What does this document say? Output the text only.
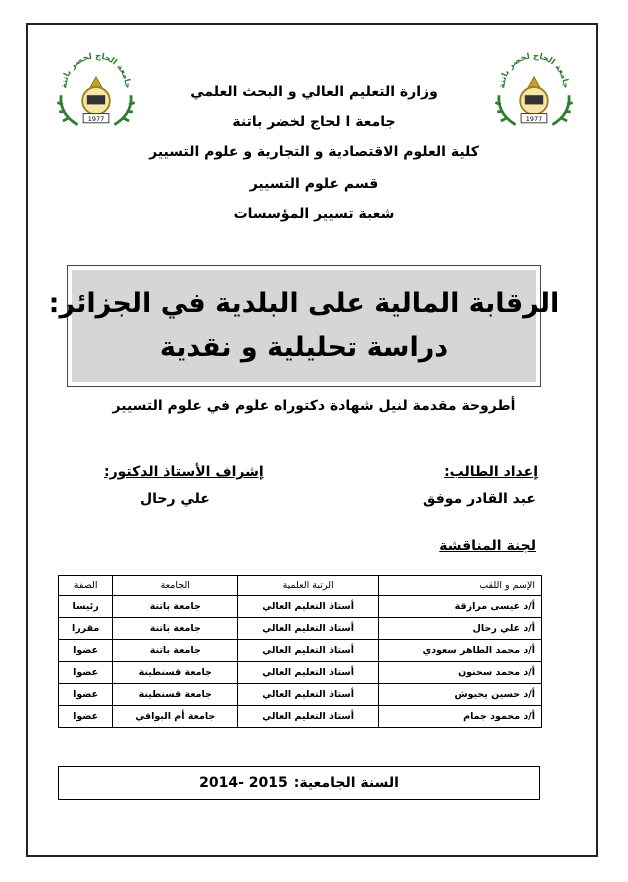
جامعة الحاج لخضر باتنة
1977
جامعة الحاج لخضر باتنة
1977
وزارة التعليم العالي و البحث العلمي
جامعة ا لحاج لخضر باتنة
كلية العلوم الاقتصادية و التجارية و علوم التسيير
قسم علوم التسيير
شعبة تسيير المؤسسات
الرقابة المالية على البلدية في الجزائر:
دراسة تحليلية و نقدية
أطروحة مقدمة لنيل شهادة دكتوراه علوم في علوم التسيير
إعداد الطالب:
عبد القادر موفق
إشراف الأستاذ الدكتور:
علي رحال
لجنة المناقشة
الإسم و اللقب	الرتبة العلمية	الجامعة	الصفة
أ/د عيسى مرازقة	أستاذ التعليم العالي	جامعة باتنة	رئيسا
أ/د علي رحال	أستاذ التعليم العالي	جامعة باتنة	مقررا
أ/د محمد الطاهر سعودي	أستاذ التعليم العالي	جامعة باتنة	عضوا
أ/د محمد سحنون	أستاذ التعليم العالي	جامعة قسنطينة	عضوا
أ/د حسين يحيوش	أستاذ التعليم العالي	جامعة قسنطينة	عضوا
أ/د محمود جمام	أستاذ التعليم العالي	جامعة أم البواقي	عضوا
السنة الجامعية:
2014- 2015
